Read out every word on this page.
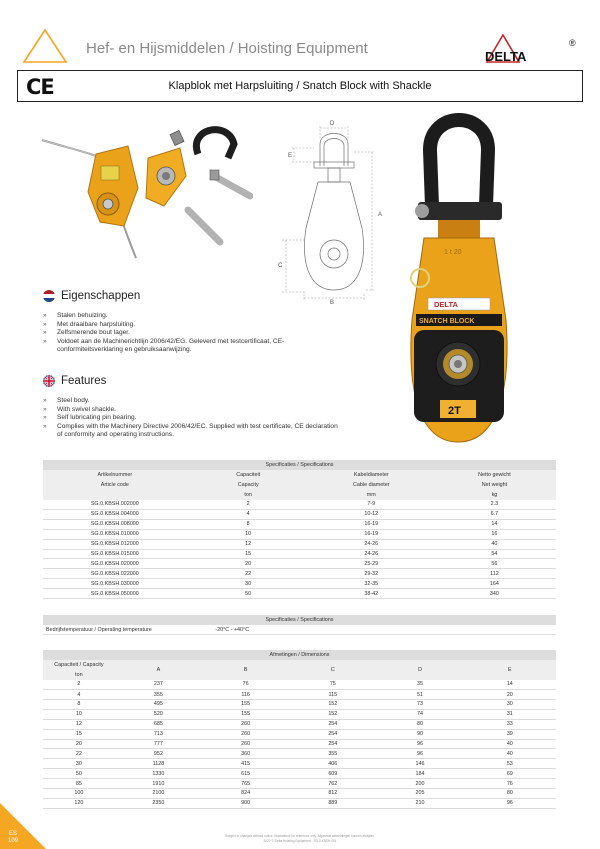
Hef- en Hijsmiddelen / Hoisting Equipment	DELTA
®
CE	Klapblok met Harpsluiting / Snatch Block with Shackle
D
E
A
C
B
1 t 20
DELTA
SNATCH BLOCK
2T
Eigenschappen
» Stalen behuizing.
» Met draaibare harpsluiting.
» Zelfsmerende bout lager.
» Voldoet aan de Machinerichtlijn 2006/42/EG. Geleverd met testcertificaat, CE-conformiteitsverklaring en gebruiksaanwijzing.
Features
» Steel body.
» With swivel shackle.
» Self lubricating pin bearing.
» Complies with the Machinery Directive 2006/42/EC. Supplied with test certificate, CE declaration of conformity and operating instructions.
Specificaties / Specifications			
Artikelnummer	Capaciteit	Kabeldiameter	Netto gewicht
Article code	Capacity	Cable diameter	Net weight
	ton	mm	kg
SG.0.KBSH.002000	2	7-9	2.3
SG.0.KBSH.004000	4	10-12	6.7
SG.0.KBSH.008000	8	16-19	14
SG.0.KBSH.010000	10	16-19	16
SG.0.KBSH.012000	12	24-26	40
SG.0.KBSH.015000	15	24-26	54
SG.0.KBSH.020000	20	25-29	56
SG.0.KBSH.022000	22	29-32	112
SG.0.KBSH.030000	30	32-35	164
SG.0.KBSH.050000	50	38-42	340
Specificaties / Specifications
Bedrijfstemperatuur / Operating temperature	-20°C - +40°C
Afmetingen / Dimensions					
Capaciteit / Capacity	A	B	C	D	E
ton					
2	237	76	75	35	14
4	355	116	115	51	20
8	495	155	152	73	30
10	520	155	152	74	31
12	685	260	254	80	33
15	713	260	254	90	39
20	777	260	254	96	40
22	952	360	355	96	40
30	1128	415	406	146	53
50	1330	615	609	184	69
85	1910	765	762	200	76
100	2100	824	812	205	80
120	2350	900	889	210	96
ES
109
Subject to changes without notice. Illustrations for reference only. Afgaande afbeeldingen kunnen afwijken.
2022 © Delta Hoisting Equipment - SG.0.KBSH.001
